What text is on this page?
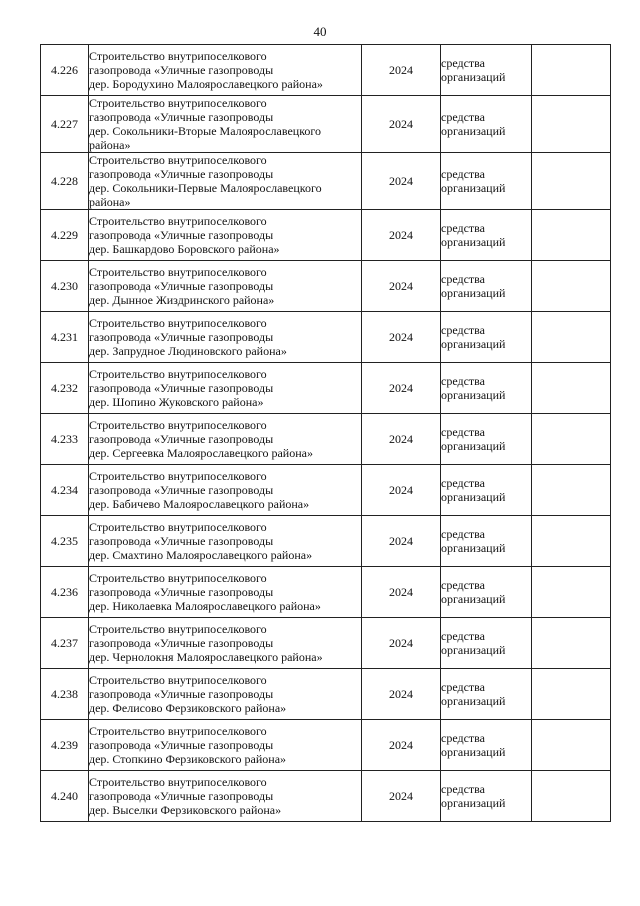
40
4.226	Строительство внутрипоселкового
газопровода «Уличные газопроводы
дер. Бородухино Малоярославецкого района»	2024	средства
организаций	

4.227	Строительство внутрипоселкового
газопровода «Уличные газопроводы
дер. Сокольники-Вторые Малоярославецкого
района»	2024	средства
организаций	

4.228	Строительство внутрипоселкового
газопровода «Уличные газопроводы
дер. Сокольники-Первые Малоярославецкого
района»	2024	средства
организаций	

4.229	Строительство внутрипоселкового
газопровода «Уличные газопроводы
дер. Башкардово Боровского района»	2024	средства
организаций	

4.230	Строительство внутрипоселкового
газопровода «Уличные газопроводы
дер. Дынное Жиздринского района»	2024	средства
организаций	

4.231	Строительство внутрипоселкового
газопровода «Уличные газопроводы
дер. Запрудное Людиновского района»	2024	средства
организаций	

4.232	Строительство внутрипоселкового
газопровода «Уличные газопроводы
дер. Шопино Жуковского района»	2024	средства
организаций	

4.233	Строительство внутрипоселкового
газопровода «Уличные газопроводы
дер. Сергеевка Малоярославецкого района»	2024	средства
организаций	

4.234	Строительство внутрипоселкового
газопровода «Уличные газопроводы
дер. Бабичево Малоярославецкого района»	2024	средства
организаций	

4.235	Строительство внутрипоселкового
газопровода «Уличные газопроводы
дер. Смахтино Малоярославецкого района»	2024	средства
организаций	

4.236	Строительство внутрипоселкового
газопровода «Уличные газопроводы
дер. Николаевка Малоярославецкого района»	2024	средства
организаций	

4.237	Строительство внутрипоселкового
газопровода «Уличные газопроводы
дер. Чернолокня Малоярославецкого района»	2024	средства
организаций	

4.238	Строительство внутрипоселкового
газопровода «Уличные газопроводы
дер. Фелисово Ферзиковского района»	2024	средства
организаций	

4.239	Строительство внутрипоселкового
газопровода «Уличные газопроводы
дер. Стопкино Ферзиковского района»	2024	средства
организаций	

4.240	Строительство внутрипоселкового
газопровода «Уличные газопроводы
дер. Выселки Ферзиковского района»	2024	средства
организаций	
